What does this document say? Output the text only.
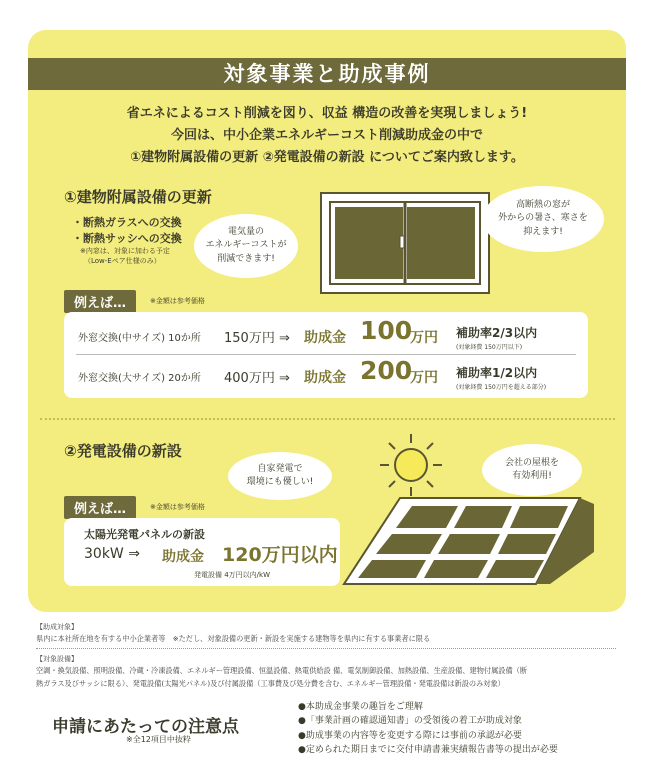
対象事業と助成事例
省エネによるコスト削減を図り、収益 構造の改善を実現しましょう!
今回は、中小企業エネルギーコスト削減助成金の中で
①建物附属設備の更新 ②発電設備の新設 についてご案内致します。
①建物附属設備の更新
・断熱ガラスへの交換
・断熱サッシへの交換
※内窓は、対象に加わる予定
（Low-Eペア仕様のみ）
電気量の
エネルギーコストが
削減できます!
高断熱の窓が
外からの暑さ、寒さを
抑えます!
例えば…	※金額は参考価格
外窓交換(中サイズ) 10か所 150万円 ⇒ 助成金 100
万円 補助率2/3以内
(対象経費 150万円以下)
外窓交換(大サイズ) 20か所 400万円 ⇒ 助成金 200
万円 補助率1/2以内
(対象経費 150万円を超える部分)
②発電設備の新設
自家発電で
環境にも優しい!
会社の屋根を
有効利用!
例えば…	※金額は参考価格
太陽光発電パネルの新設
30kW ⇒ 助成金 120万円以内
発電設備 4万円以内/kW
【助成対象】
県内に本社所在地を有する中小企業者等　※ただし、対象設備の更新・新設を実施する建物等を県内に有する事業者に限る
【対象設備】
空調・換気設備、照明設備、冷蔵・冷凍設備、エネルギー管理設備、恒温設備、熱電供給設 備、電気制御設備、加熱設備、生産設備、建物付属設備（断
熱ガラス及びサッシに限る）、発電設備(太陽光パネル)及び付属設備（工事費及び処分費を含む、エネルギー管理設備・発電設備は新設のみ対象）
申請にあたっての注意点
※全12項目中抜粋
●本助成金事業の趣旨をご理解
●「事業計画の確認通知書」の受領後の着工が助成対象
●助成事業の内容等を変更する際には事前の承認が必要
●定められた期日までに交付申請書兼実績報告書等の提出が必要
